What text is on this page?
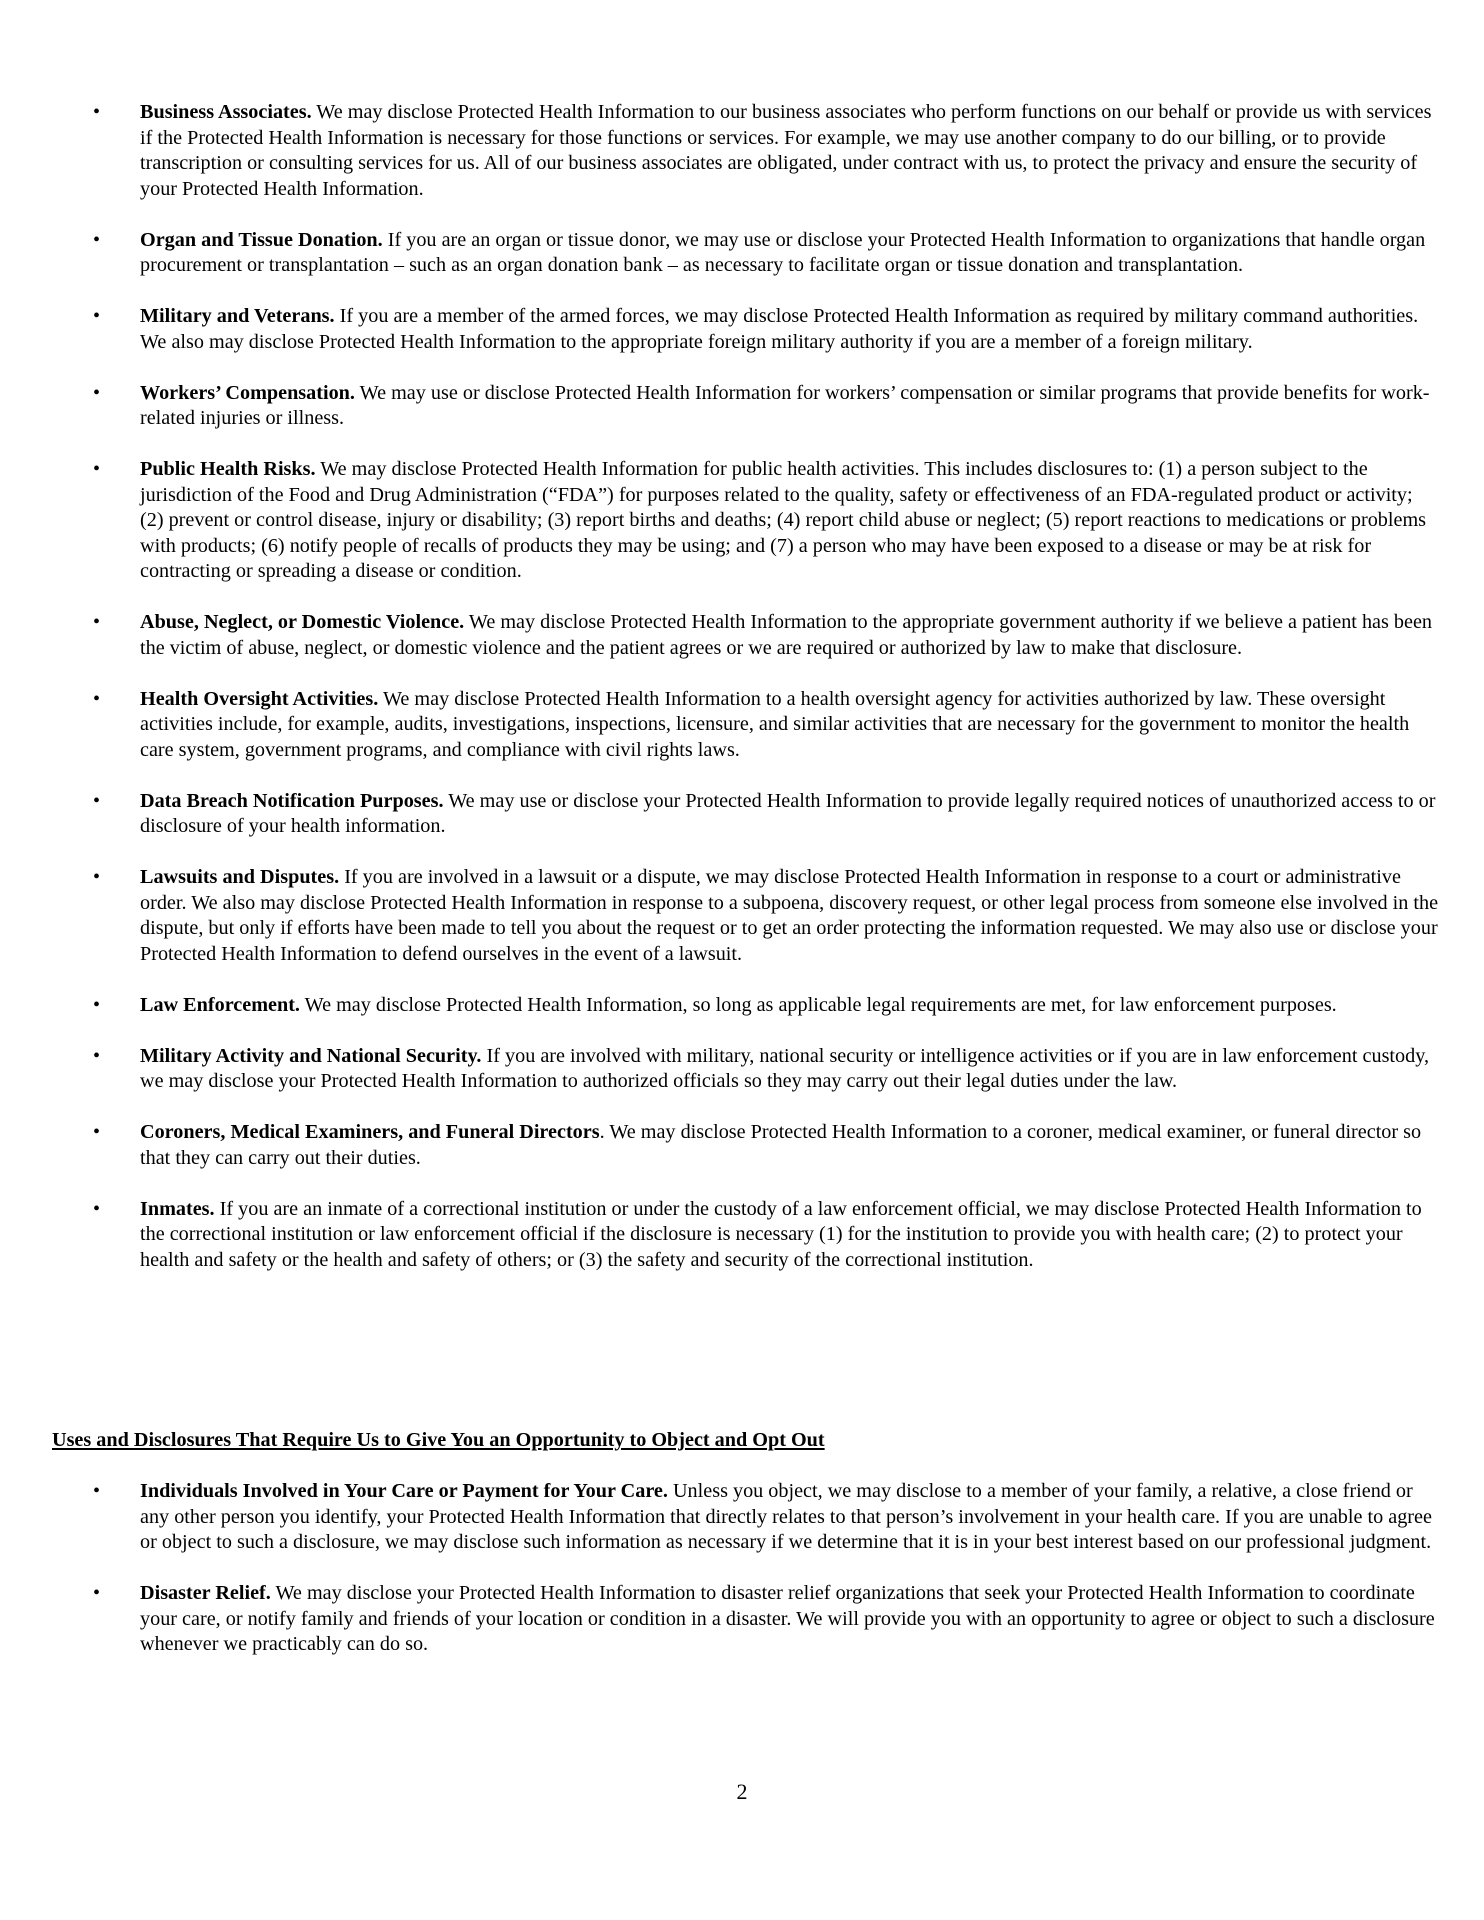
•	Business Associates. We may disclose Protected Health Information to our business associates who perform functions on our behalf or provide us with services if the Protected Health Information is necessary for those functions or services. For example, we may use another company to do our billing, or to provide transcription or consulting services for us. All of our business associates are obligated, under contract with us, to protect the privacy and ensure the security of your Protected Health Information.
•	Organ and Tissue Donation. If you are an organ or tissue donor, we may use or disclose your Protected Health Information to organizations that handle organ procurement or transplantation – such as an organ donation bank – as necessary to facilitate organ or tissue donation and transplantation.
•	Military and Veterans. If you are a member of the armed forces, we may disclose Protected Health Information as required by military command authorities. We also may disclose Protected Health Information to the appropriate foreign military authority if you are a member of a foreign military.
•	Workers’ Compensation. We may use or disclose Protected Health Information for workers’ compensation or similar programs that provide benefits for work-related injuries or illness.
•	Public Health Risks. We may disclose Protected Health Information for public health activities. This includes disclosures to: (1) a person subject to the jurisdiction of the Food and Drug Administration (“FDA”) for purposes related to the quality, safety or effectiveness of an FDA-regulated product or activity; (2) prevent or control disease, injury or disability; (3) report births and deaths; (4) report child abuse or neglect; (5) report reactions to medications or problems with products; (6) notify people of recalls of products they may be using; and (7) a person who may have been exposed to a disease or may be at risk for contracting or spreading a disease or condition.
•	Abuse, Neglect, or Domestic Violence. We may disclose Protected Health Information to the appropriate government authority if we believe a patient has been the victim of abuse, neglect, or domestic violence and the patient agrees or we are required or authorized by law to make that disclosure.
•	Health Oversight Activities. We may disclose Protected Health Information to a health oversight agency for activities authorized by law. These oversight activities include, for example, audits, investigations, inspections, licensure, and similar activities that are necessary for the government to monitor the health care system, government programs, and compliance with civil rights laws.
•	Data Breach Notification Purposes. We may use or disclose your Protected Health Information to provide legally required notices of unauthorized access to or disclosure of your health information.
•	Lawsuits and Disputes. If you are involved in a lawsuit or a dispute, we may disclose Protected Health Information in response to a court or administrative order. We also may disclose Protected Health Information in response to a subpoena, discovery request, or other legal process from someone else involved in the dispute, but only if efforts have been made to tell you about the request or to get an order protecting the information requested. We may also use or disclose your Protected Health Information to defend ourselves in the event of a lawsuit.
•	Law Enforcement. We may disclose Protected Health Information, so long as applicable legal requirements are met, for law enforcement purposes.
•	Military Activity and National Security. If you are involved with military, national security or intelligence activities or if you are in law enforcement custody, we may disclose your Protected Health Information to authorized officials so they may carry out their legal duties under the law.
•	Coroners, Medical Examiners, and Funeral Directors. We may disclose Protected Health Information to a coroner, medical examiner, or funeral director so that they can carry out their duties.
•	Inmates. If you are an inmate of a correctional institution or under the custody of a law enforcement official, we may disclose Protected Health Information to the correctional institution or law enforcement official if the disclosure is necessary (1) for the institution to provide you with health care; (2) to protect your health and safety or the health and safety of others; or (3) the safety and security of the correctional institution.
Uses and Disclosures That Require Us to Give You an Opportunity to Object and Opt Out
•	Individuals Involved in Your Care or Payment for Your Care. Unless you object, we may disclose to a member of your family, a relative, a close friend or any other person you identify, your Protected Health Information that directly relates to that person’s involvement in your health care. If you are unable to agree or object to such a disclosure, we may disclose such information as necessary if we determine that it is in your best interest based on our professional judgment.
•	Disaster Relief. We may disclose your Protected Health Information to disaster relief organizations that seek your Protected Health Information to coordinate your care, or notify family and friends of your location or condition in a disaster. We will provide you with an opportunity to agree or object to such a disclosure whenever we practicably can do so.
2
